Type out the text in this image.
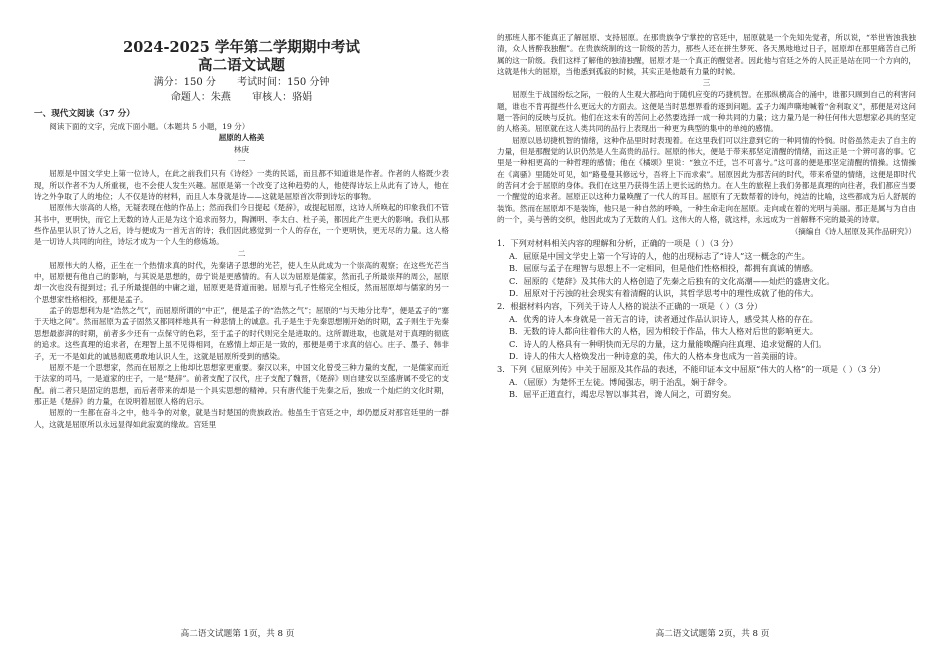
2024-2025 学年第二学期期中考试

高二语文试题

满分：150 分 考试时间：150 分钟

命题人：朱燕 审核人：骆娟

一、现代文阅读（37 分）

阅读下面的文字，完成下面小题。（本题共 5 小题，19 分）

屈原的人格美

林庚

一

屈原是中国文学史上第一位诗人，在此之前我们只有《诗经》一类的民谣，而且都不知道谁是作者。作者的人格既少表现，所以作者不为人所重视，也不会使人发生兴趣。屈原是第一个改变了这种趋势的人，他使得诗坛上从此有了诗人，他在诗之外争取了人的地位；人不仅是诗的材料，而且人本身就是诗——这就是屈原首次带到诗坛的事物。

屈原伟大崇高的人格，无疑表现在他的作品上；然而我们今日提起《楚辞》，或提起屈原，这诗人所唤起的印象我们不管其书中，更明快，而它上无数的诗人正是为这个追求而努力，陶渊明、李太白、杜子美，都因此产生更大的影响。我们从那些作品里认识了诗人之后，诗与便成为一首无言的诗；我们因此感觉到一个人的存在，一个更明快，更无尽的力量。这人格是一切诗人共同的向往，诗坛才成为一个人生的修炼场。

二

屈原伟大的人格，正生在一个热情求真的时代，先秦诸子思想的光芒，使人生从此成为一个崇高的观察；在这些光芒当中，屈原便有他自己的影响，与其说是思想的，毋宁说是更感情的。有人以为屈原是儒家，然而孔子所最崇拜的周公，屈原却一次也没有提到过；孔子所最提倡的中庸之道，屈原更是背道而驰。屈原与孔子性格完全相反，然而屈原却与儒家的另一个思想家性格相投，那便是孟子。

孟子的思想利为是“浩然之气”，而屈原所谓的“中正”，便是孟子的“浩然之气”；屈原的“与天地分比寿”，便是孟子的“塞于天地之间”。然而屈原为孟子固然又都同样地具有一种悲情上的诚意。孔子是生于先秦思想刚开始的时期，孟子则生于先秦思想最澎湃的时期，前者多少还有一点保守的色彩，至于孟子的时代则完全是进取的。这所谓进取，也就是对于真理的彻底的追求。这些真理的追求者，在理智上虽不见得相同，在感情上却正是一致的，那便是勇于求真的信心。庄子、墨子、韩非子，无一不是如此的诚恳彻底勇敢地认识人生，这就是屈原所受到的感染。

屈原不是一个思想家，然而在屈原之上他却比思想家更重要。秦汉以来，中国文化曾受三种力量的支配，一是儒家而近于法家的司马，一是道家的庄子，一是“楚辞”。前者支配了汉代，庄子支配了魏晋，《楚辞》则自建安以至盛唐属不受它的支配。前二者只是固定的思想，而后者带来的却是一个具实思想的精神。只有唐代能于先秦之后，独成一个灿烂的文化时期，那正是《楚辞》的力量，在说明着屈原人格的启示。

屈原的一生都在奋斗之中，他斗争的对象，就是当时楚国的贵族政治。他虽生于官廷之中，却仍愿反对那官廷里的一群人，这就是屈原所以永远显得如此寂寞的缘故。宫廷里

高二语文试题第 1页，共 8 页

的那班人都不能真正了解屈原、支持屈原。在那贵族争宁掌控的官廷中，屈原就是一个先知先觉者，所以说，“举世皆浊我独清，众人皆醉我独醒”。在贵族统制的这一阶级的苦力，那些人还在拼生梦死、各天黑地地过日子，屈原却在那里痛苦自己所属的这一阶级。我们这样了解他的独清独醒，屈原才是一个真正的醒觉者。因此他与官廷之外的人民正是站在同一个方向的，这就是伟大的屈原，当他悉到孤寂的时候，其实正是他最有力量的时候。

三

屈原生于战国纷纭之际，一般的人生观大都趋向于随机应变的巧捷机智。在那纵横高合的涌中，谁都只顾到自己的利害问题，谁也不肯再提些什么更远大的方面去。这便是当时思想界看的逐到问题。孟子力竭声嘶地喊着“舍利取义”，那便是对这问题一答问的反映与反抗。他们在这未有的苦问上必然要选择一成一种共同的力量；这力量乃是一种任何伟大思想家必具的坚定的人格美。屈原就在这人类共同的品行上表现出一种更为典型的集中的单纯的感情。

屈原以恳切捷机智的情绪，这种作品里时时表现着。在这里我们可以注意到它的一种同情的怜悯。时俗虽然走去了自主的力量，但是那醒觉的认识仍然是人生高贵的品行。屈原的伟大，便是于带来那坚定清醒的情绪，而这正是一个辨可喜的事。它里是一种相更高的一种哲理的感情；他在《橘颂》里说：“独立不迁，岂不可喜兮。”这可喜的便是那坚定清醒的情操。这情操在《离骚》里随处可见，如“路曼曼其修远兮，吾将上下而求索”。屈原因此为那苦问的时代，带来希望的情绪，这便是即时代的苦问才会于屈原的身体。我们在这里乃获得生活上更长远的热力。在人生的旅程上我们务都是真理的向往者，我们都应当要一个醒觉的追求者。屈原正以这种力量唤醒了一代人的耳目。屈原有了无数帮着的诗句，纯洁的比喻，这些都成为后人舒展的装饰。然而在屈原却不是装饰，他只是一种自然的呼唤，一种生命走向在屈原。走向或在着的光明与美丽。那正是属与为自由的一个，美与善的交织，他因此成为了无数的人们。这伟大的人格，就这样，永远成为一首解释不完的最美的诗章。

（摘编自《诗人屈原及其作品研究》）

1．下列对材料相关内容的理解和分析，正确的一项是（ ）（3 分）

A．屈原是中国文学史上第一个写诗的人，他的出现标志了“诗人”这一概念的产生。

B．屈原与孟子在理智与思想上不一定相同，但是他们性格相投，都拥有真诚的情感。

C．屈原的《楚辞》及其伟大的人格创造了先秦之后独有的文化高潮——灿烂的盛唐文化。

D．屈原对于污浊的社会现实有着清醒的认识，其哲学思考中的理性成就了他的伟大。

2．根据材料内容，下列关于诗人人格的说法不正确的一项是（ ）（3 分）

A．优秀的诗人本身就是一首无言的诗，读者通过作品认识诗人，感受其人格的存在。

B．无数的诗人都向往着伟大的人格，因为相较于作品，伟大人格对后世的影响更大。

C．诗人的人格具有一种明快而无尽的力量，这力量能唤醒向往真理、追求觉醒的人们。

D．诗人的伟大人格焕发出一种诗意的美，伟大的人格本身也成为一首美丽的诗。

3．下列《屈原列传》中关于屈原及其作品的表述，不能印证本文中屈原“伟大的人格”的一项是（ ）（3 分）

A．（屈原）为楚怀王左徒。博闻强志，明于治乱，娴于辞令。

B．屈平正道直行，竭忠尽智以事其君，谗人间之，可谓穷矣。

高二语文试题第 2页，共 8 页
